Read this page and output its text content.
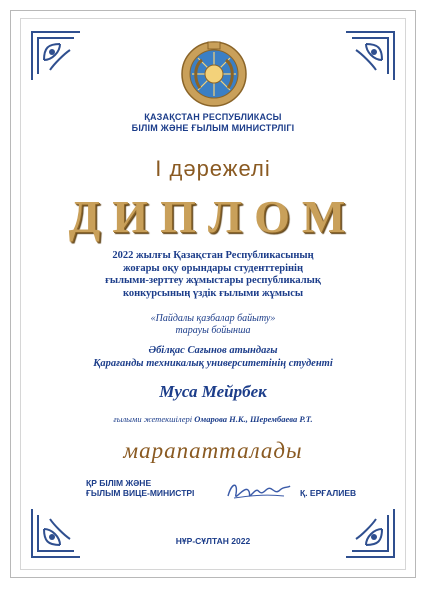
ҚАЗАҚСТАН РЕСПУБЛИКАСЫ
БІЛІМ ЖӘНЕ ҒЫЛЫМ МИНИСТРЛІГІ
І дәрежелі
ДИПЛОМ
2022 жылғы Қазақстан Республикасының
жоғары оқу орындары студенттерінің
ғылыми-зерттеу жұмыстары республикалық
конкурсының үздік ғылыми жұмысы
«Пайдалы қазбалар байыту»
тарауы бойынша
Әбілқас Сағынов атындағы
Қарағанды техникалық университетінің студенті
Муса Мейрбек
ғылыми жетекшілері Омарова Н.К., Шерембаева Р.Т.
марапатталады
ҚР БІЛІМ ЖӘНЕ
ҒЫЛЫМ ВИЦЕ-МИНИСТРІ	Қ. ЕРҒАЛИЕВ
НҰР-СҰЛТАН 2022
